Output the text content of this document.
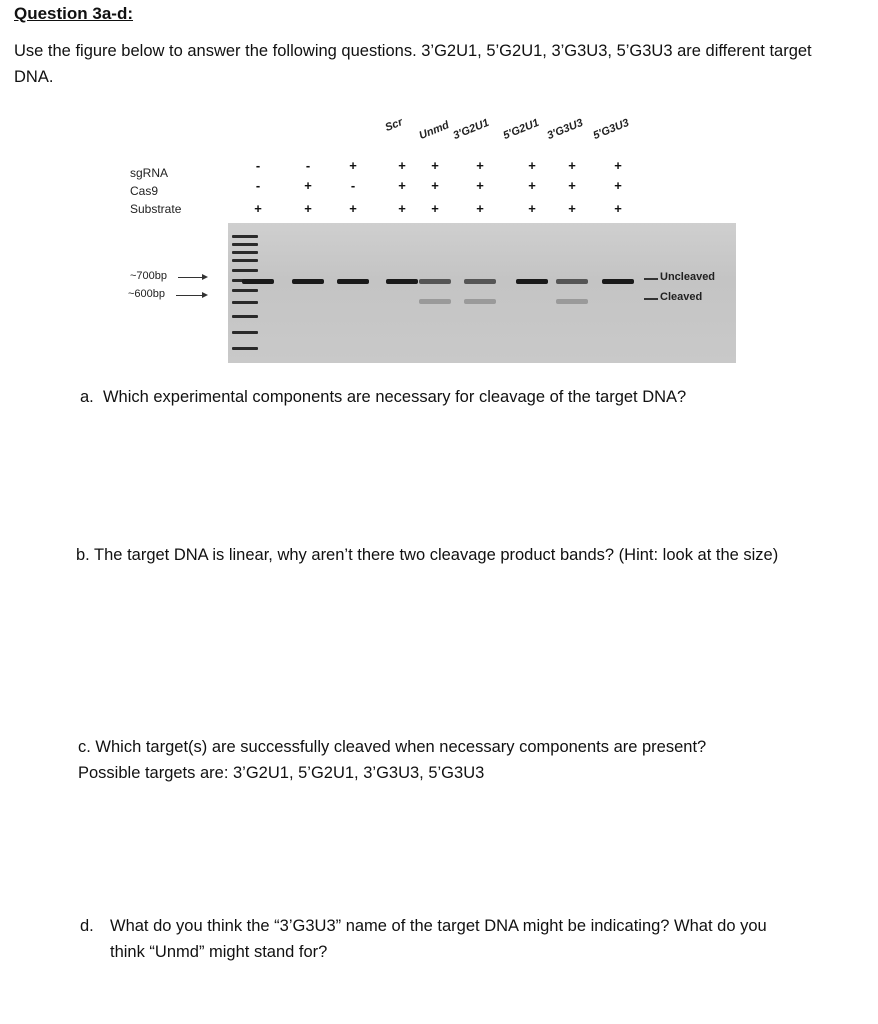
Question 3a-d:
Use the figure below to answer the following questions. 3’G2U1, 5’G2U1, 3’G3U3, 5’G3U3 are different target DNA.
sgRNA
Cas9
Substrate
Scr Unmd 3'G2U1 5'G2U1 3'G3U3 5'G3U3
-	-	+	+ +	+	+ +	+
-	+	-	+ +	+	+ +	+
+	+	+	+ +	+	+ +	+
~700bp
~600bp
Uncleaved
Cleaved
a. Which experimental components are necessary for cleavage of the target DNA?
b. The target DNA is linear, why aren’t there two cleavage product bands? (Hint: look at the size)
c. Which target(s) are successfully cleaved when necessary components are present?
Possible targets are: 3’G2U1, 5’G2U1, 3’G3U3, 5’G3U3
d. What do you think the “3’G3U3” name of the target DNA might be indicating? What do you
think “Unmd” might stand for?
